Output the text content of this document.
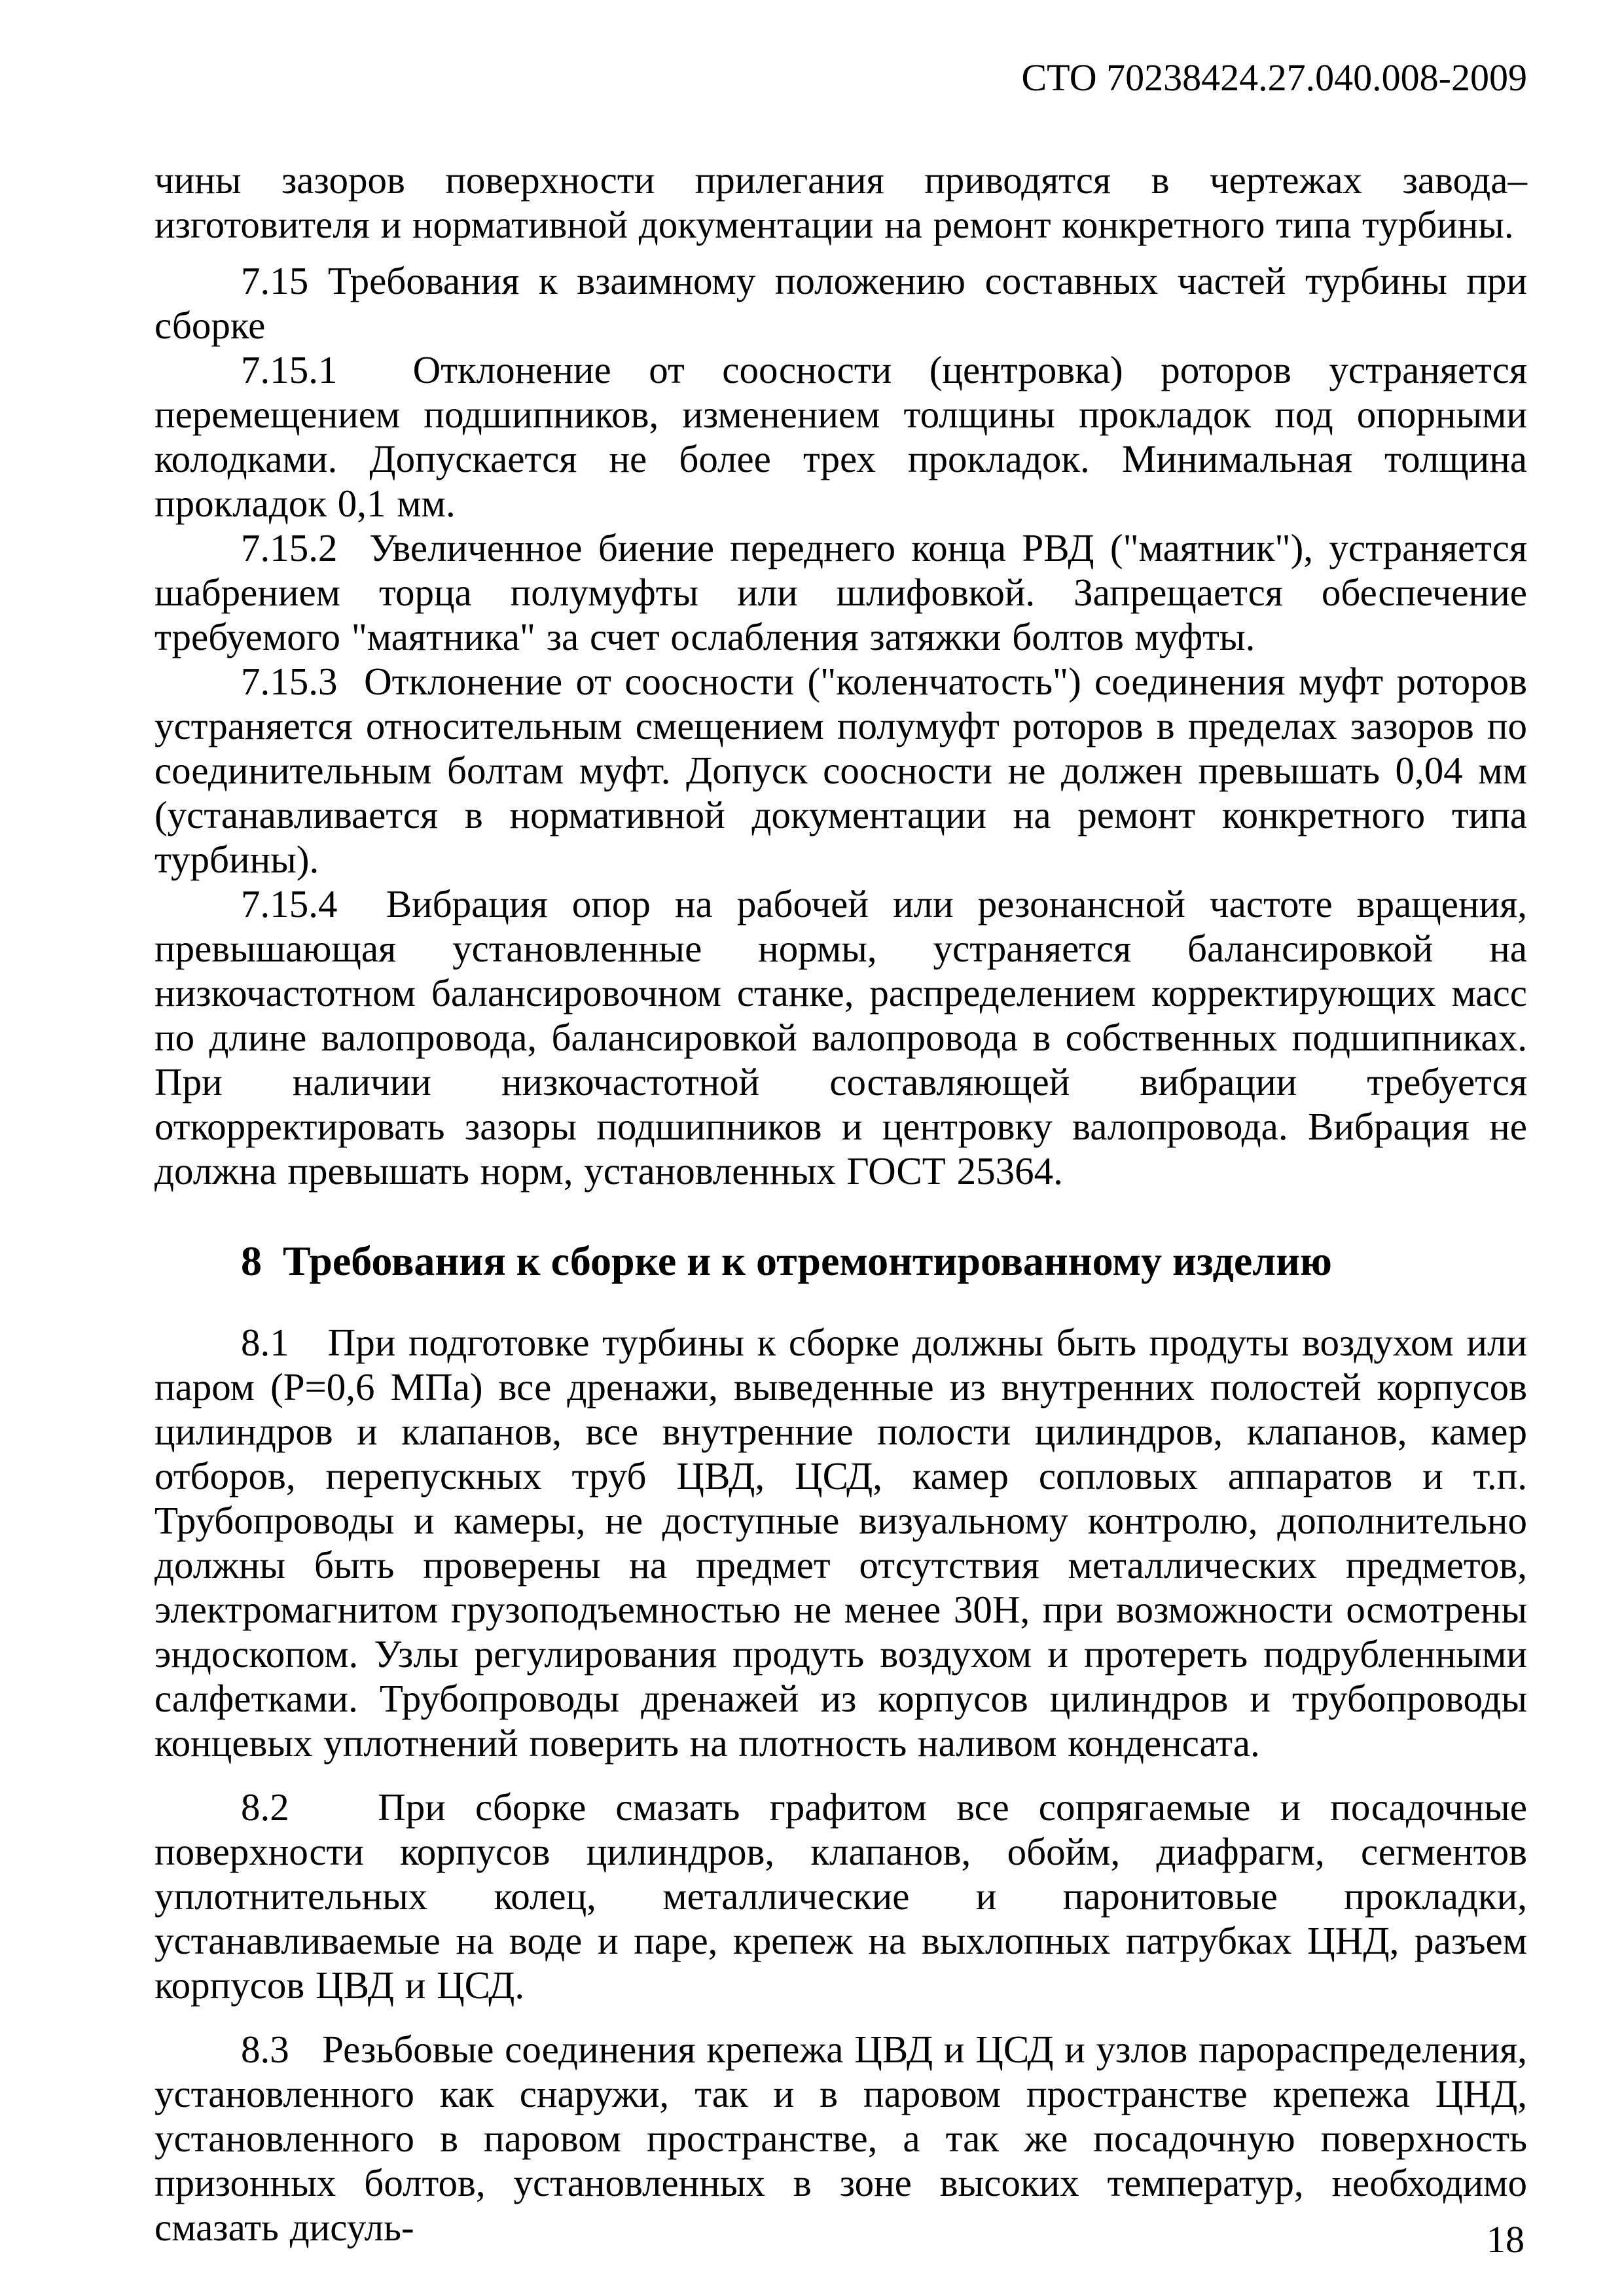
СТО 70238424.27.040.008-2009

чины зазоров поверхности прилегания приводятся в чертежах завода–изготовителя и нормативной документации на ремонт конкретного типа турбины.

7.15 Требования к взаимному положению составных частей турбины при сборке

7.15.1  Отклонение от соосности (центровка) роторов устраняется перемещением подшипников, изменением толщины прокладок под опорными колодками. Допускается не более трех прокладок. Минимальная толщина прокладок 0,1 мм.

7.15.2  Увеличенное биение переднего конца РВД ("маятник"), устраняется шабрением торца полумуфты или шлифовкой. Запрещается обеспечение требуемого "маятника" за счет ослабления затяжки болтов муфты.

7.15.3  Отклонение от соосности ("коленчатость") соединения муфт роторов устраняется относительным смещением полумуфт роторов в пределах зазоров по соединительным болтам муфт. Допуск соосности не должен превышать 0,04 мм (устанавливается в нормативной документации на ремонт конкретного типа турбины).

7.15.4  Вибрация опор на рабочей или резонансной частоте вращения, превышающая установленные нормы, устраняется балансировкой на низкочастотном балансировочном станке, распределением корректирующих масс по длине валопровода, балансировкой валопровода в собственных подшипниках. При наличии низкочастотной составляющей вибрации требуется откорректировать зазоры подшипников и центровку валопровода. Вибрация не должна превышать норм, установленных ГОСТ 25364.

8  Требования к сборке и к отремонтированному изделию

8.1   При подготовке турбины к сборке должны быть продуты воздухом или паром (Р=0,6 МПа) все дренажи, выведенные из внутренних полостей корпусов цилиндров и клапанов, все внутренние полости цилиндров, клапанов, камер отборов, перепускных труб ЦВД, ЦСД, камер сопловых аппаратов и т.п. Трубопроводы и камеры, не доступные визуальному контролю, дополнительно должны быть проверены на предмет отсутствия металлических предметов, электромагнитом грузоподъемностью не менее 30Н, при возможности осмотрены эндоскопом. Узлы регулирования продуть воздухом и протереть подрубленными салфетками. Трубопроводы дренажей из корпусов цилиндров и трубопроводы концевых уплотнений поверить на плотность наливом конденсата.

8.2   При сборке смазать графитом все сопрягаемые и посадочные поверхности корпусов цилиндров, клапанов, обойм, диафрагм, сегментов уплотнительных колец, металлические и паронитовые прокладки, устанавливаемые на воде и паре, крепеж на выхлопных патрубках ЦНД, разъем корпусов ЦВД и ЦСД.

8.3   Резьбовые соединения крепежа ЦВД и ЦСД и узлов парораспределения, установленного как снаружи, так и в паровом пространстве крепежа ЦНД, установленного в паровом пространстве, а так же посадочную поверхность призонных болтов, установленных в зоне высоких температур, необходимо смазать дисуль-	18
